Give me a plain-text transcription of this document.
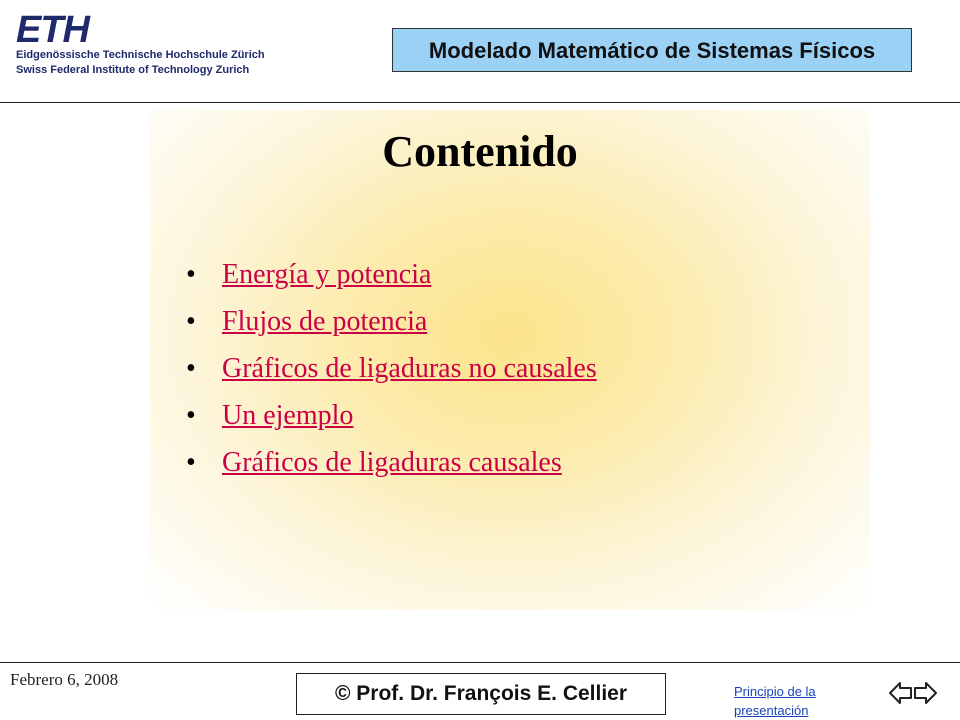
ETH
Eidgenössische Technische Hochschule Zürich
Swiss Federal Institute of Technology Zurich
Modelado Matemático de Sistemas Físicos
Contenido
• Energía y potencia
• Flujos de potencia
• Gráficos de ligaduras no causales
• Un ejemplo
• Gráficos de ligaduras causales
Febrero 6, 2008
© Prof. Dr. François E. Cellier	Principio de la presentación
